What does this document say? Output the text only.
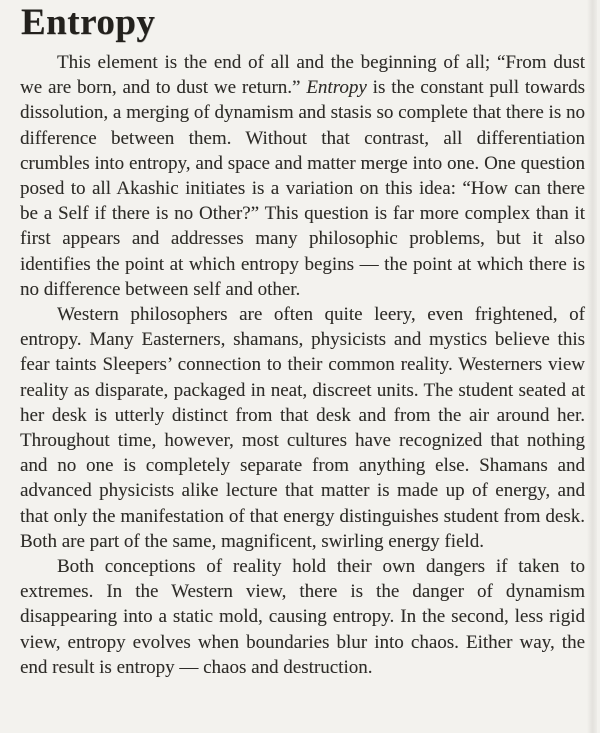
Entropy

This element is the end of all and the beginning of all; “From dust we are born, and to dust we return.” Entropy is the constant pull towards dissolution, a merging of dynamism and stasis so complete that there is no difference between them. Without that contrast, all differentiation crumbles into entropy, and space and matter merge into one. One question posed to all Akashic initiates is a variation on this idea: “How can there be a Self if there is no Other?” This question is far more complex than it first appears and addresses many philosophic problems, but it also identifies the point at which entropy begins — the point at which there is no difference between self and other.

Western philosophers are often quite leery, even frightened, of entropy. Many Easterners, shamans, physicists and mystics believe this fear taints Sleepers’ connection to their common reality. Westerners view reality as disparate, packaged in neat, discreet units. The student seated at her desk is utterly distinct from that desk and from the air around her. Throughout time, however, most cultures have recognized that nothing and no one is completely separate from anything else. Shamans and advanced physicists alike lecture that matter is made up of energy, and that only the manifestation of that energy distinguishes student from desk. Both are part of the same, magnificent, swirling energy field.

Both conceptions of reality hold their own dangers if taken to extremes. In the Western view, there is the danger of dynamism disappearing into a static mold, causing entropy. In the second, less rigid view, entropy evolves when boundaries blur into chaos. Either way, the end result is entropy — chaos and destruction.
